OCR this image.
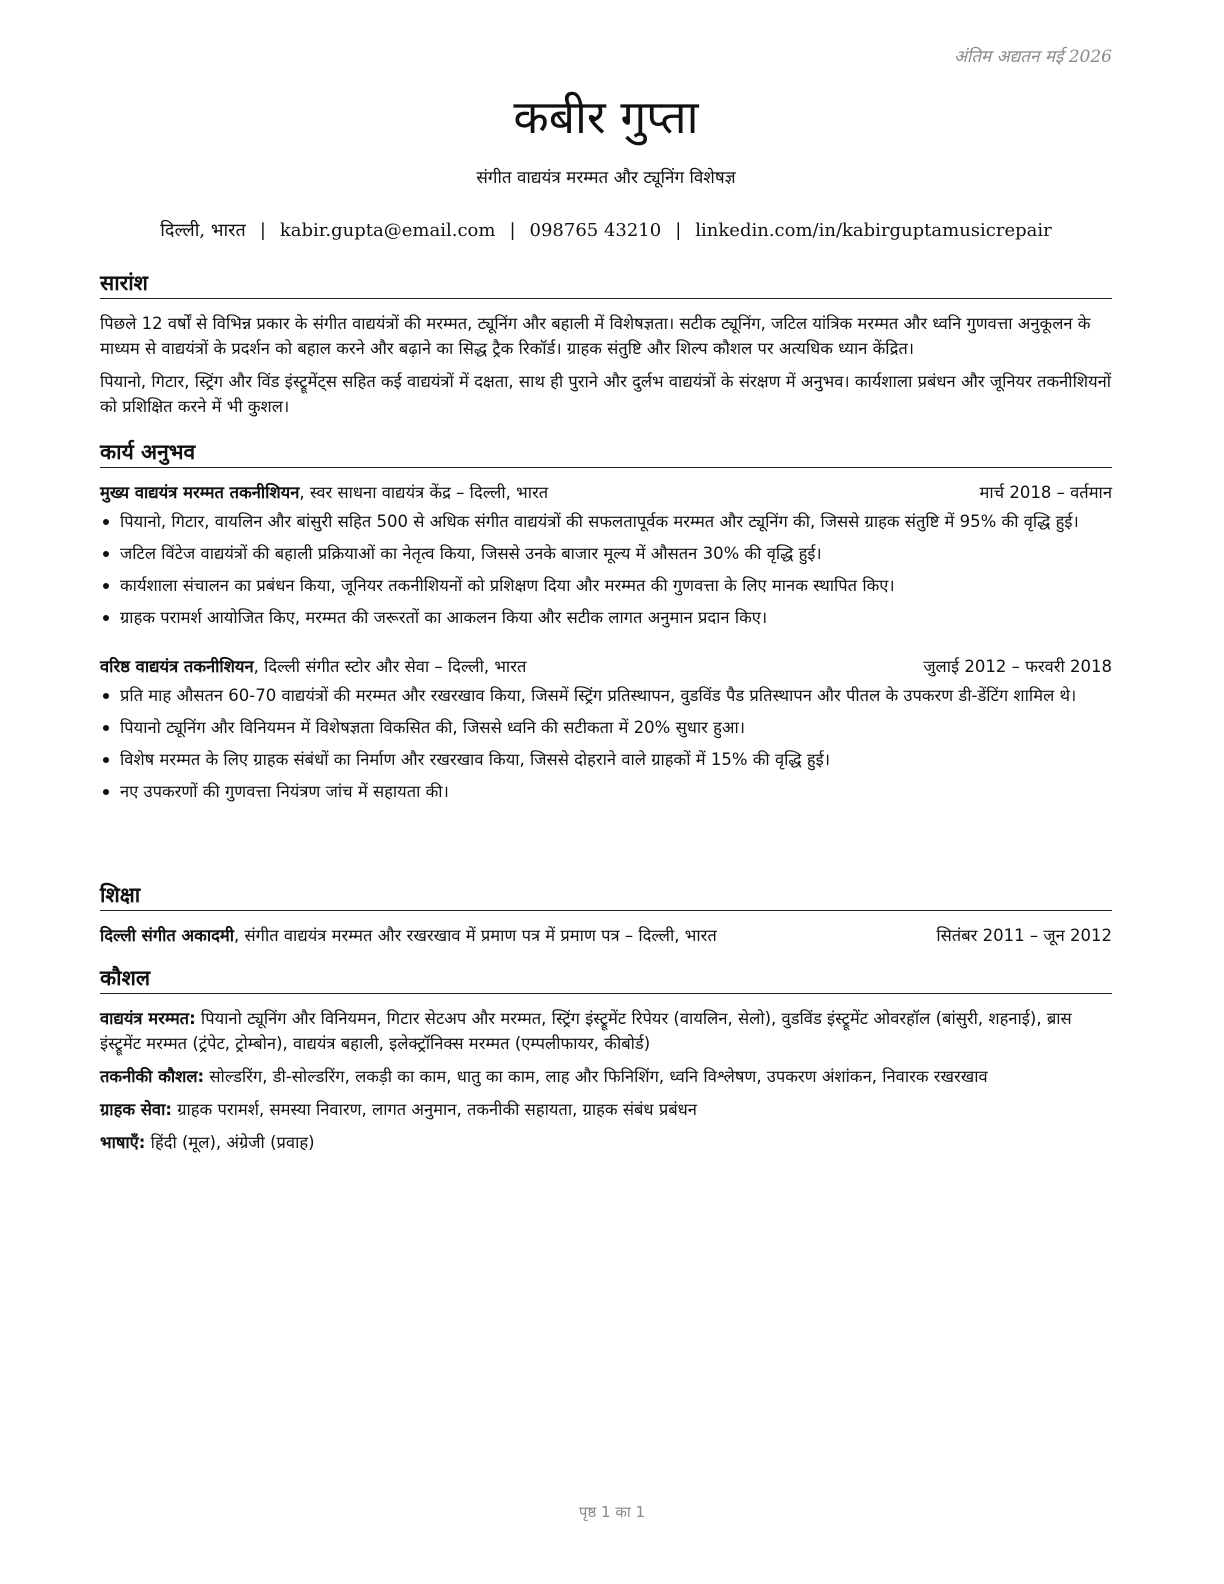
अंतिम अद्यतन मई 2026
कबीर गुप्ता
संगीत वाद्ययंत्र मरम्मत और ट्यूनिंग विशेषज्ञ
दिल्ली, भारत | kabir.gupta@email.com | 098765 43210 | linkedin.com/in/kabirguptamusicrepair
सारांश

पिछले 12 वर्षों से विभिन्न प्रकार के संगीत वाद्ययंत्रों की मरम्मत, ट्यूनिंग और बहाली में विशेषज्ञता। सटीक ट्यूनिंग, जटिल यांत्रिक मरम्मत और ध्वनि गुणवत्ता अनुकूलन के माध्यम से वाद्ययंत्रों के प्रदर्शन को बहाल करने और बढ़ाने का सिद्ध ट्रैक रिकॉर्ड। ग्राहक संतुष्टि और शिल्प कौशल पर अत्यधिक ध्यान केंद्रित।

पियानो, गिटार, स्ट्रिंग और विंड इंस्ट्रूमेंट्स सहित कई वाद्ययंत्रों में दक्षता, साथ ही पुराने और दुर्लभ वाद्ययंत्रों के संरक्षण में अनुभव। कार्यशाला प्रबंधन और जूनियर तकनीशियनों को प्रशिक्षित करने में भी कुशल।

कार्य अनुभव
मुख्य वाद्ययंत्र मरम्मत तकनीशियन, स्वर साधना वाद्ययंत्र केंद्र – दिल्ली, भारत	मार्च 2018 – वर्तमान
पियानो, गिटार, वायलिन और बांसुरी सहित 500 से अधिक संगीत वाद्ययंत्रों की सफलतापूर्वक मरम्मत और ट्यूनिंग की, जिससे ग्राहक संतुष्टि में 95% की वृद्धि हुई।
जटिल विंटेज वाद्ययंत्रों की बहाली प्रक्रियाओं का नेतृत्व किया, जिससे उनके बाजार मूल्य में औसतन 30% की वृद्धि हुई।
कार्यशाला संचालन का प्रबंधन किया, जूनियर तकनीशियनों को प्रशिक्षण दिया और मरम्मत की गुणवत्ता के लिए मानक स्थापित किए।
ग्राहक परामर्श आयोजित किए, मरम्मत की जरूरतों का आकलन किया और सटीक लागत अनुमान प्रदान किए।
वरिष्ठ वाद्ययंत्र तकनीशियन, दिल्ली संगीत स्टोर और सेवा – दिल्ली, भारत	जुलाई 2012 – फरवरी 2018
प्रति माह औसतन 60-70 वाद्ययंत्रों की मरम्मत और रखरखाव किया, जिसमें स्ट्रिंग प्रतिस्थापन, वुडविंड पैड प्रतिस्थापन और पीतल के उपकरण डी-डेंटिंग शामिल थे।
पियानो ट्यूनिंग और विनियमन में विशेषज्ञता विकसित की, जिससे ध्वनि की सटीकता में 20% सुधार हुआ।
विशेष मरम्मत के लिए ग्राहक संबंधों का निर्माण और रखरखाव किया, जिससे दोहराने वाले ग्राहकों में 15% की वृद्धि हुई।
नए उपकरणों की गुणवत्ता नियंत्रण जांच में सहायता की।
शिक्षा
दिल्ली संगीत अकादमी, संगीत वाद्ययंत्र मरम्मत और रखरखाव में प्रमाण पत्र में प्रमाण पत्र – दिल्ली, भारत	सितंबर 2011 – जून 2012
कौशल
वाद्ययंत्र मरम्मत: पियानो ट्यूनिंग और विनियमन, गिटार सेटअप और मरम्मत, स्ट्रिंग इंस्ट्रूमेंट रिपेयर (वायलिन, सेलो), वुडविंड इंस्ट्रूमेंट ओवरहॉल (बांसुरी, शहनाई), ब्रास इंस्ट्रूमेंट मरम्मत (ट्रंपेट, ट्रोम्बोन), वाद्ययंत्र बहाली, इलेक्ट्रॉनिक्स मरम्मत (एम्पलीफायर, कीबोर्ड)
तकनीकी कौशल: सोल्डरिंग, डी-सोल्डरिंग, लकड़ी का काम, धातु का काम, लाह और फिनिशिंग, ध्वनि विश्लेषण, उपकरण अंशांकन, निवारक रखरखाव
ग्राहक सेवा: ग्राहक परामर्श, समस्या निवारण, लागत अनुमान, तकनीकी सहायता, ग्राहक संबंध प्रबंधन
भाषाएँ: हिंदी (मूल), अंग्रेजी (प्रवाह)
पृष्ठ 1 का 1
